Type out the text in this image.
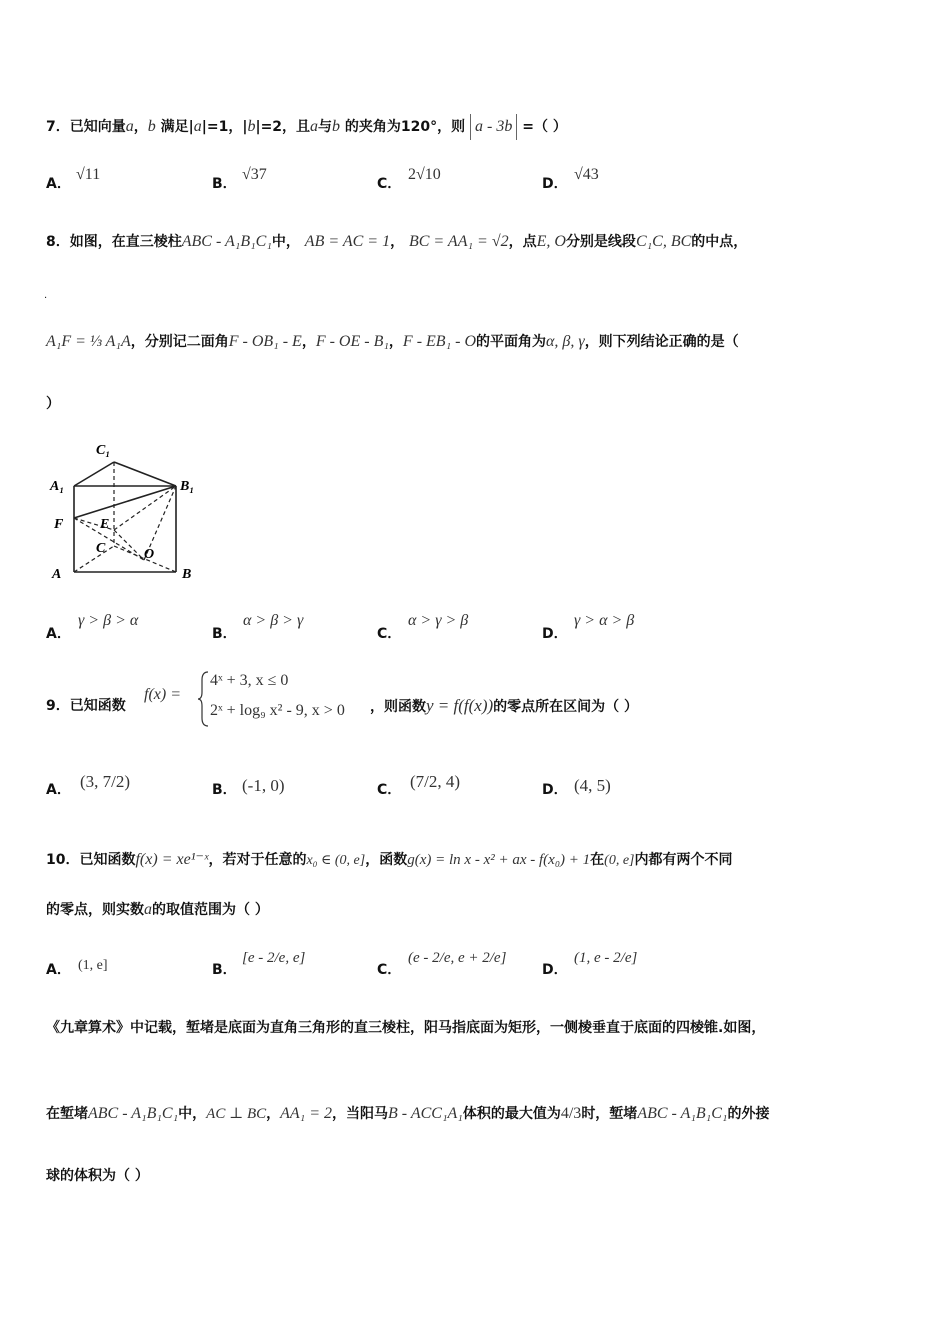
7．已知向量a，b 满足|a|=1，|b|=2，且a与b 的夹角为120°，则 a - 3b =（ ）
A．
√11
B．
√37
C．
2√10
D．
√43
8．如图，在直三棱柱ABC - A₁B₁C₁中， AB = AC = 1， BC = AA₁ = √2，点E, O分别是线段C₁C, BC的中点，
.
A₁F = ⅓ A₁A，分别记二面角F - OB₁ - E，F - OE - B₁，F - EB₁ - O的平面角为α, β, γ，则下列结论正确的是（
）
C₁
A₁	B₁
F	E
C	O
A	B
A．
γ > β > α
B．
α > β > γ
C．
α > γ > β
D．
γ > α > β
9．已知函数
f(x) =
4ˣ + 3, x ≤ 0
2ˣ + log₉ x² - 9, x > 0 ，则函数y = f(f(x))的零点所在区间为（ ）
A． (3, 7/2)	B． (-1, 0)	C． (7/2, 4)	D． (4, 5)
10．已知函数f(x) = xe¹⁻ˣ，若对于任意的x₀ ∈ (0, e]，函数g(x) = ln x - x² + ax - f(x₀) + 1在(0, e]内都有两个不同
的零点，则实数a的取值范围为（ ）
A． (1, e]	B．
[e - 2/e, e]
C．
(e - 2/e, e + 2/e]
D．
(1, e - 2/e]
《九章算术》中记载，堑堵是底面为直角三角形的直三棱柱，阳马指底面为矩形，一侧棱垂直于底面的四棱锥.如图，
在堑堵ABC - A₁B₁C₁中，AC ⊥ BC，AA₁ = 2，当阳马B - ACC₁A₁体积的最大值为4/3时，堑堵ABC - A₁B₁C₁的外接
球的体积为（ ）
